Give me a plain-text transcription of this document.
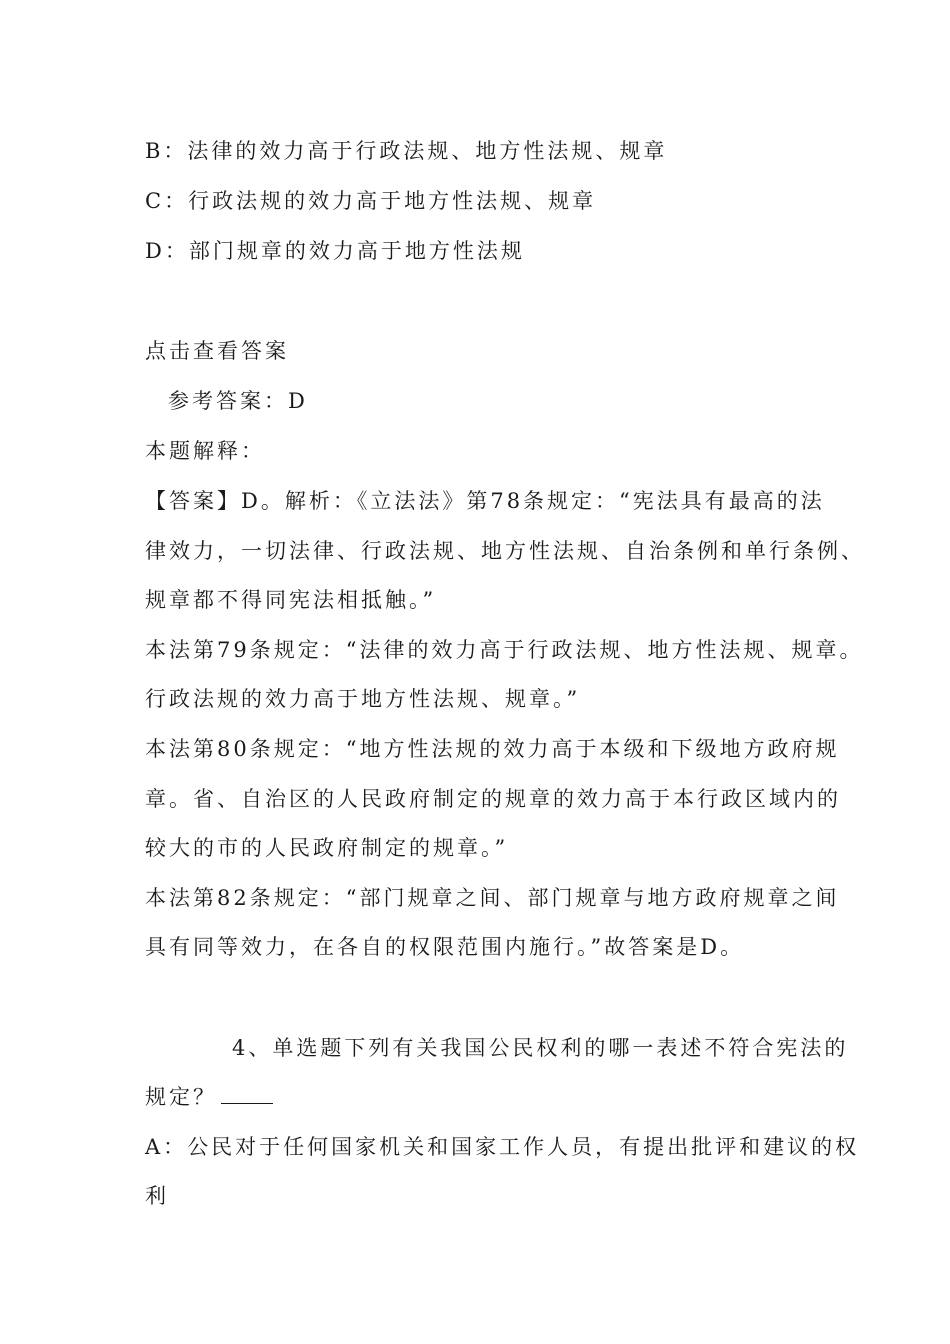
B：法律的效力高于行政法规、地方性法规、规章
C：行政法规的效力高于地方性法规、规章
D：部门规章的效力高于地方性法规
点击查看答案
参考答案：D
本题解释：
【答案】D。解析：《立法法》第78条规定：“宪法具有最高的法
律效力，一切法律、行政法规、地方性法规、自治条例和单行条例、
规章都不得同宪法相抵触。”
本法第79条规定：“法律的效力高于行政法规、地方性法规、规章。
行政法规的效力高于地方性法规、规章。”
本法第80条规定：“地方性法规的效力高于本级和下级地方政府规
章。省、自治区的人民政府制定的规章的效力高于本行政区域内的
较大的市的人民政府制定的规章。”
本法第82条规定：“部门规章之间、部门规章与地方政府规章之间
具有同等效力，在各自的权限范围内施行。”故答案是D。
4、单选题下列有关我国公民权利的哪一表述不符合宪法的
规定？
A：公民对于任何国家机关和国家工作人员，有提出批评和建议的权
利
